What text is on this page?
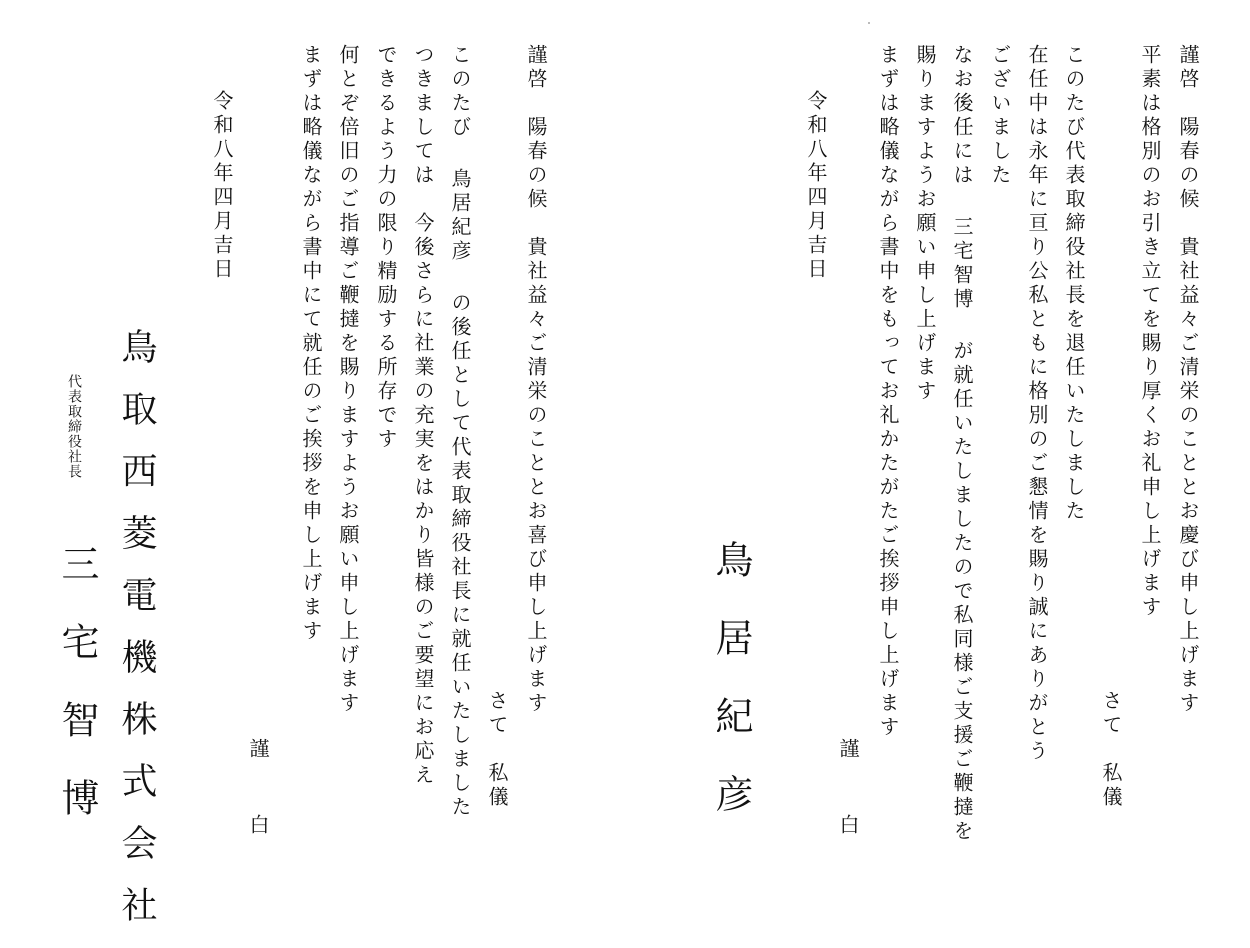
謹啓　陽春の候　貴社益々ご清栄のこととお慶び申し上げます
平素は格別のお引き立てを賜り厚くお礼申し上げます
さて　私儀
このたび代表取締役社長を退任いたしました
在任中は永年に亘り公私ともに格別のご懇情を賜り誠にありがとう
ございました
なお後任には 三宅智博 が就任いたしましたので私同様ご支援ご鞭撻を
賜りますようお願い申し上げます
まずは略儀ながら書中をもってお礼かたがたご挨拶申し上げます
謹　白
令和八年四月吉日
鳥居紀彦
謹啓　陽春の候　貴社益々ご清栄のこととお喜び申し上げます
さて　私儀
このたび 鳥居紀彦 の後任として代表取締役社長に就任いたしました
つきましては　今後さらに社業の充実をはかり皆様のご要望にお応え
できるよう力の限り精励する所存です
何とぞ倍旧のご指導ご鞭撻を賜りますようお願い申し上げます
まずは略儀ながら書中にて就任のご挨拶を申し上げます
謹　白
令和八年四月吉日
鳥取西菱電機株式会社
代表取締役社長
三宅智博
